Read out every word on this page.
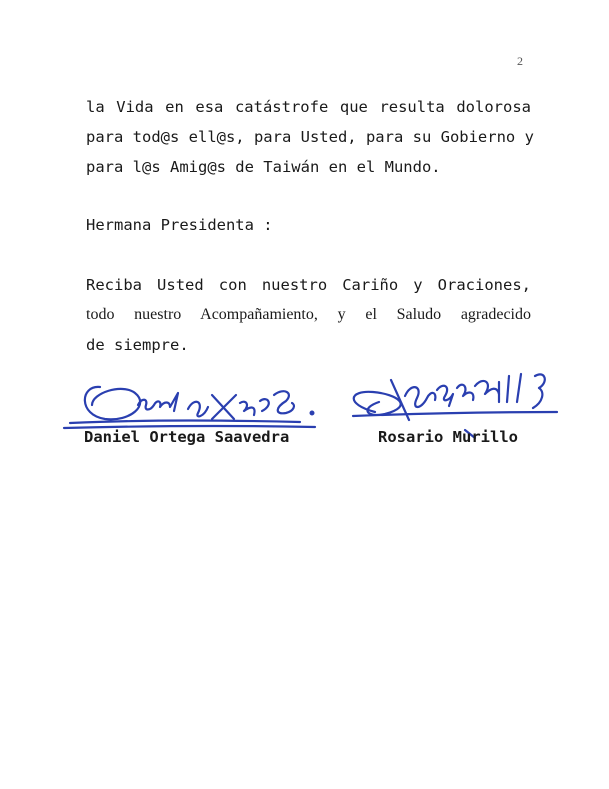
2
la Vida en esa catástrofe que resulta dolorosa
para tod@s ell@s, para Usted, para su Gobierno y
para l@s Amig@s de Taiwán en el Mundo.
Hermana Presidenta :
Reciba Usted con nuestro Cariño y Oraciones,
todo nuestro Acompañamiento, y el Saludo agradecido
de siempre.
Daniel Ortega Saavedra	Rosario Murillo
